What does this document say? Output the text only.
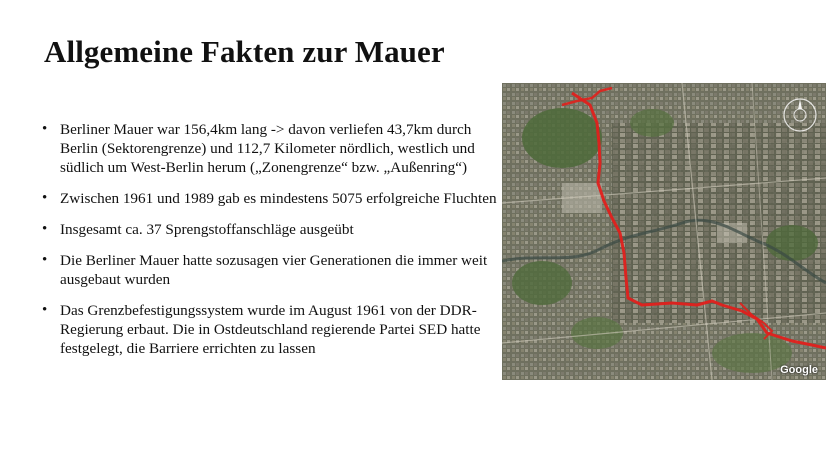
Allgemeine Fakten zur Mauer
• Berliner Mauer war 156,4km lang -> davon verliefen 43,7km durch Berlin (Sektorengrenze) und 112,7 Kilometer nördlich, westlich und südlich um West-Berlin herum („Zonengrenze“ bzw. „Außenring“)
• Zwischen 1961 und 1989 gab es mindestens 5075 erfolgreiche Fluchten
• Insgesamt ca. 37 Sprengstoffanschläge ausgeübt
• Die Berliner Mauer hatte sozusagen vier Generationen die immer weit ausgebaut wurden
• Das Grenzbefestigungssystem wurde im August 1961 von der DDR-Regierung erbaut. Die in Ostdeutschland regierende Partei SED hatte festgelegt, die Barriere errichten zu lassen
Google
